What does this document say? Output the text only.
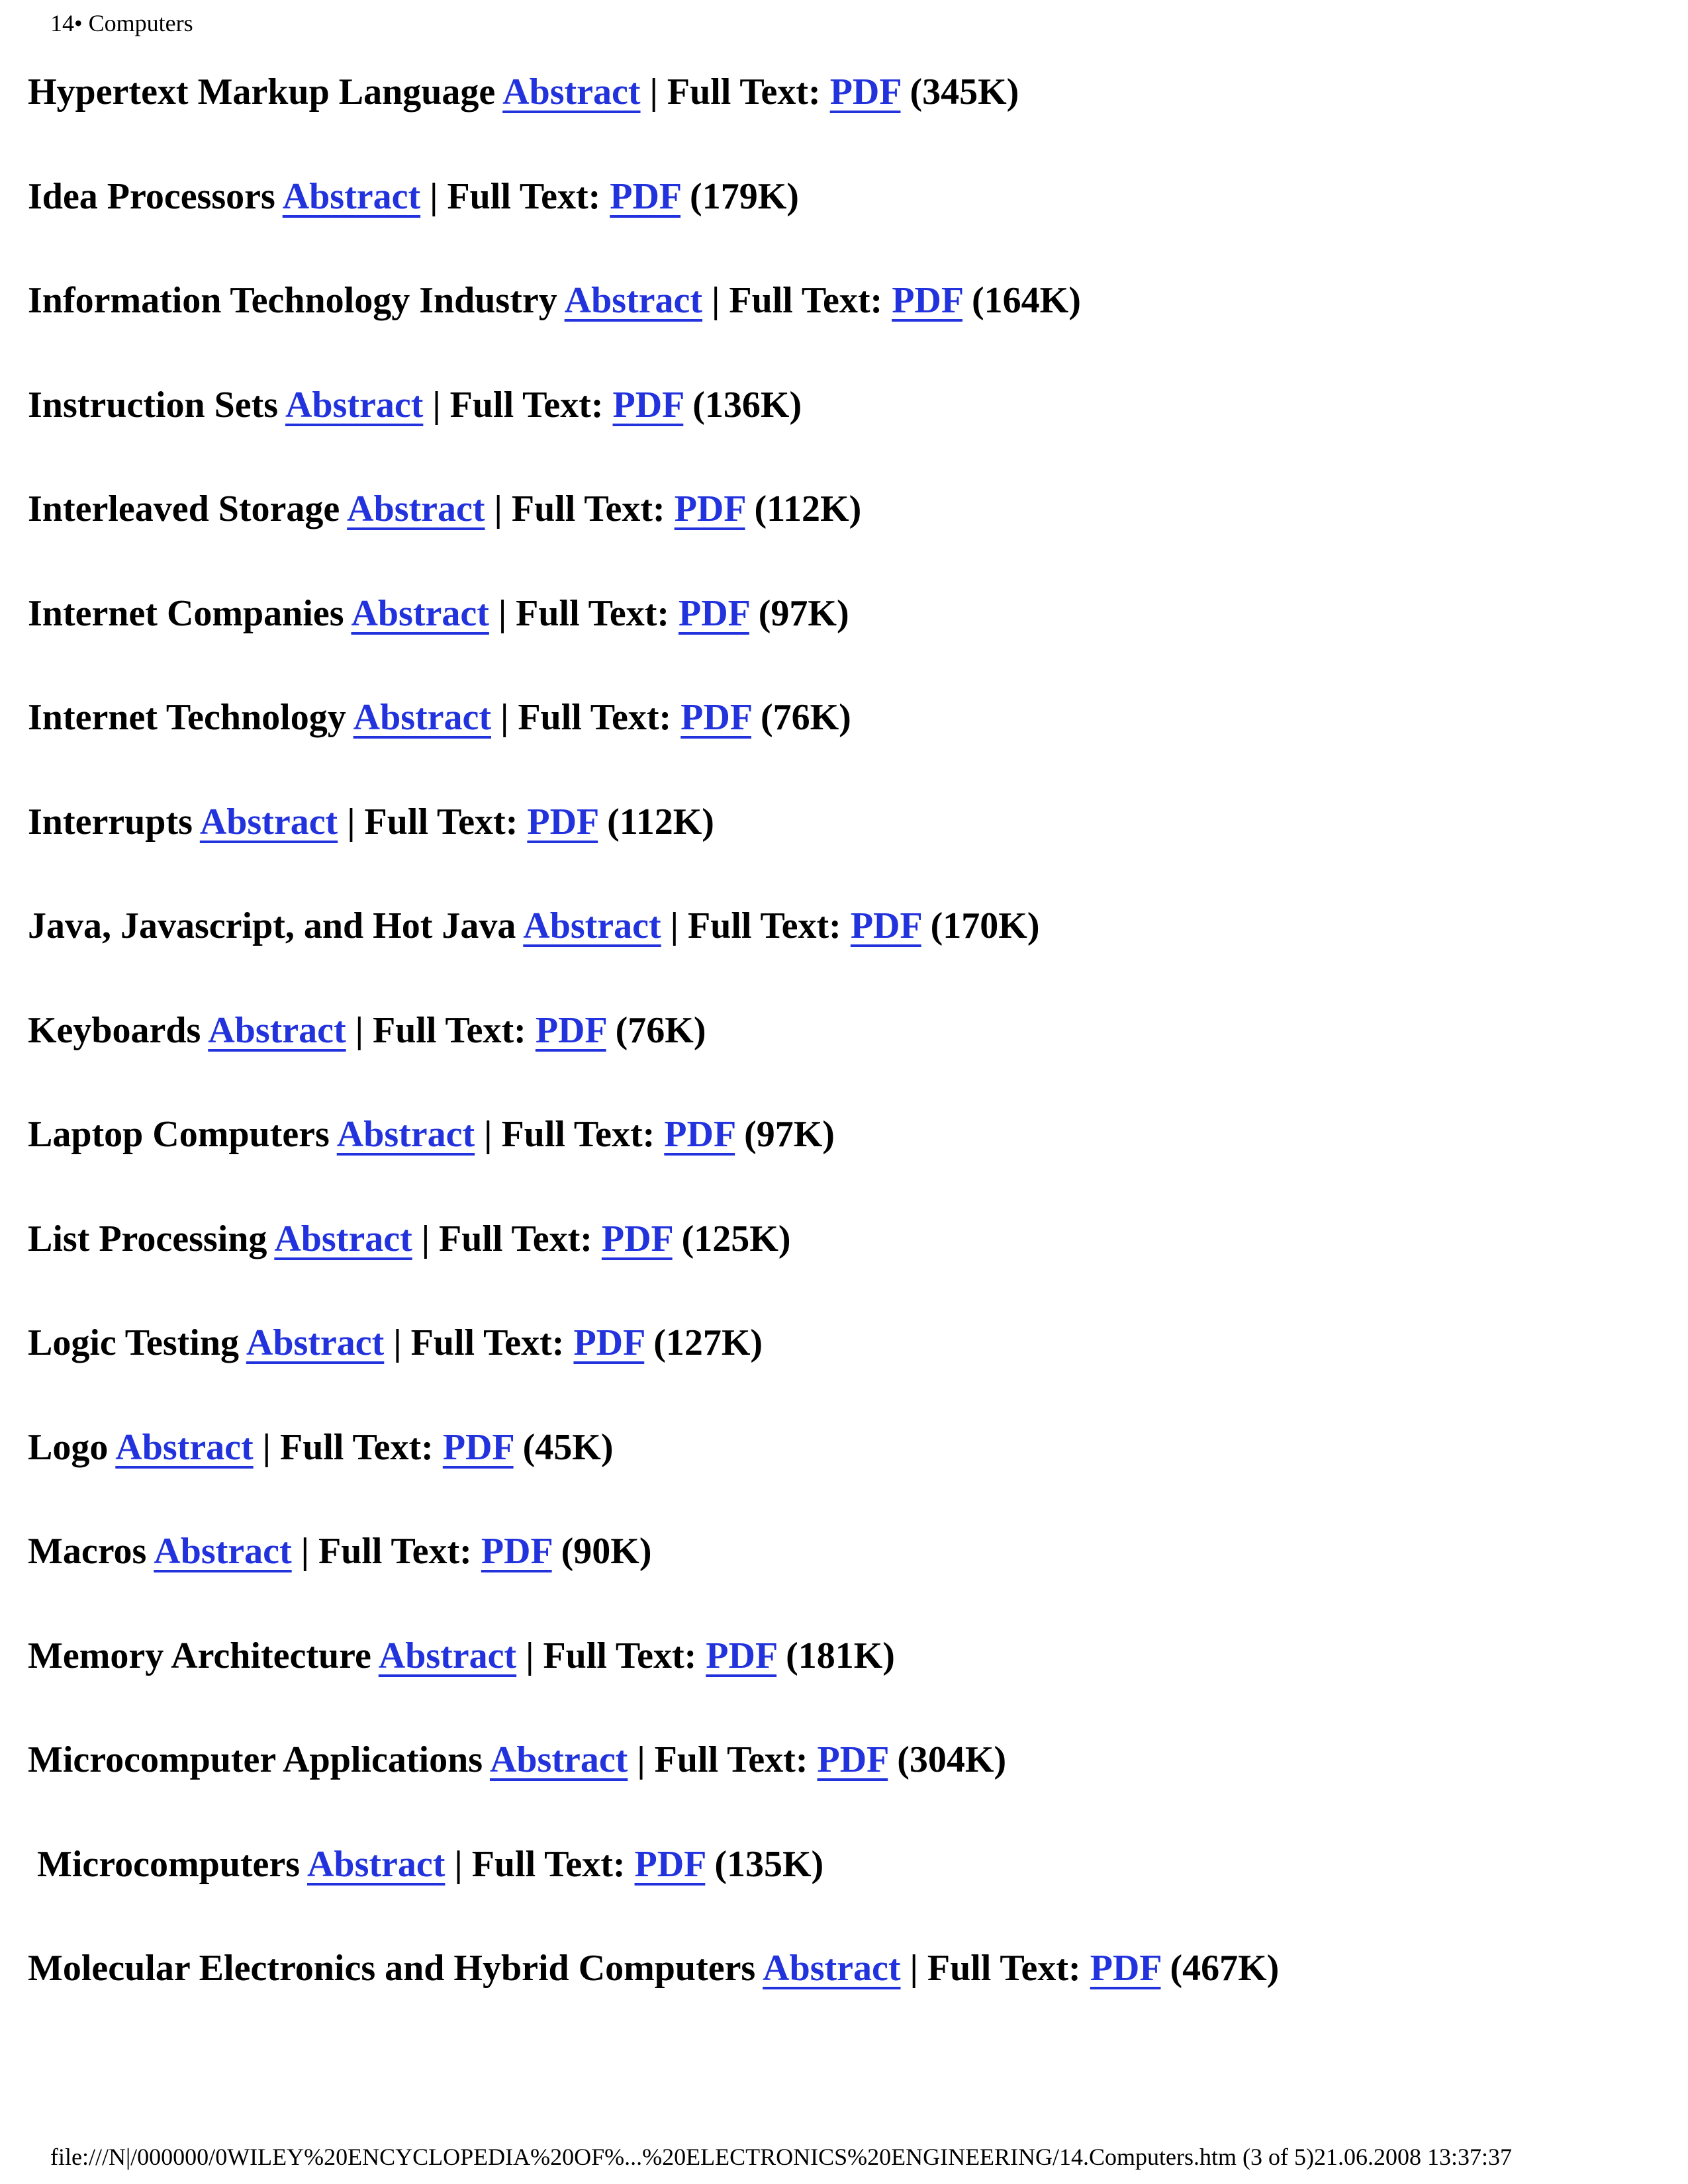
14• Computers
Hypertext Markup Language Abstract | Full Text: PDF (345K)
Idea Processors Abstract | Full Text: PDF (179K)
Information Technology Industry Abstract | Full Text: PDF (164K)
Instruction Sets Abstract | Full Text: PDF (136K)
Interleaved Storage Abstract | Full Text: PDF (112K)
Internet Companies Abstract | Full Text: PDF (97K)
Internet Technology Abstract | Full Text: PDF (76K)
Interrupts Abstract | Full Text: PDF (112K)
Java, Javascript, and Hot Java Abstract | Full Text: PDF (170K)
Keyboards Abstract | Full Text: PDF (76K)
Laptop Computers Abstract | Full Text: PDF (97K)
List Processing Abstract | Full Text: PDF (125K)
Logic Testing Abstract | Full Text: PDF (127K)
Logo Abstract | Full Text: PDF (45K)
Macros Abstract | Full Text: PDF (90K)
Memory Architecture Abstract | Full Text: PDF (181K)
Microcomputer Applications Abstract | Full Text: PDF (304K)
Microcomputers Abstract | Full Text: PDF (135K)
Molecular Electronics and Hybrid Computers Abstract | Full Text: PDF (467K)
file:///N|/000000/0WILEY%20ENCYCLOPEDIA%20OF%...%20ELECTRONICS%20ENGINEERING/14.Computers.htm (3 of 5)21.06.2008 13:37:37
